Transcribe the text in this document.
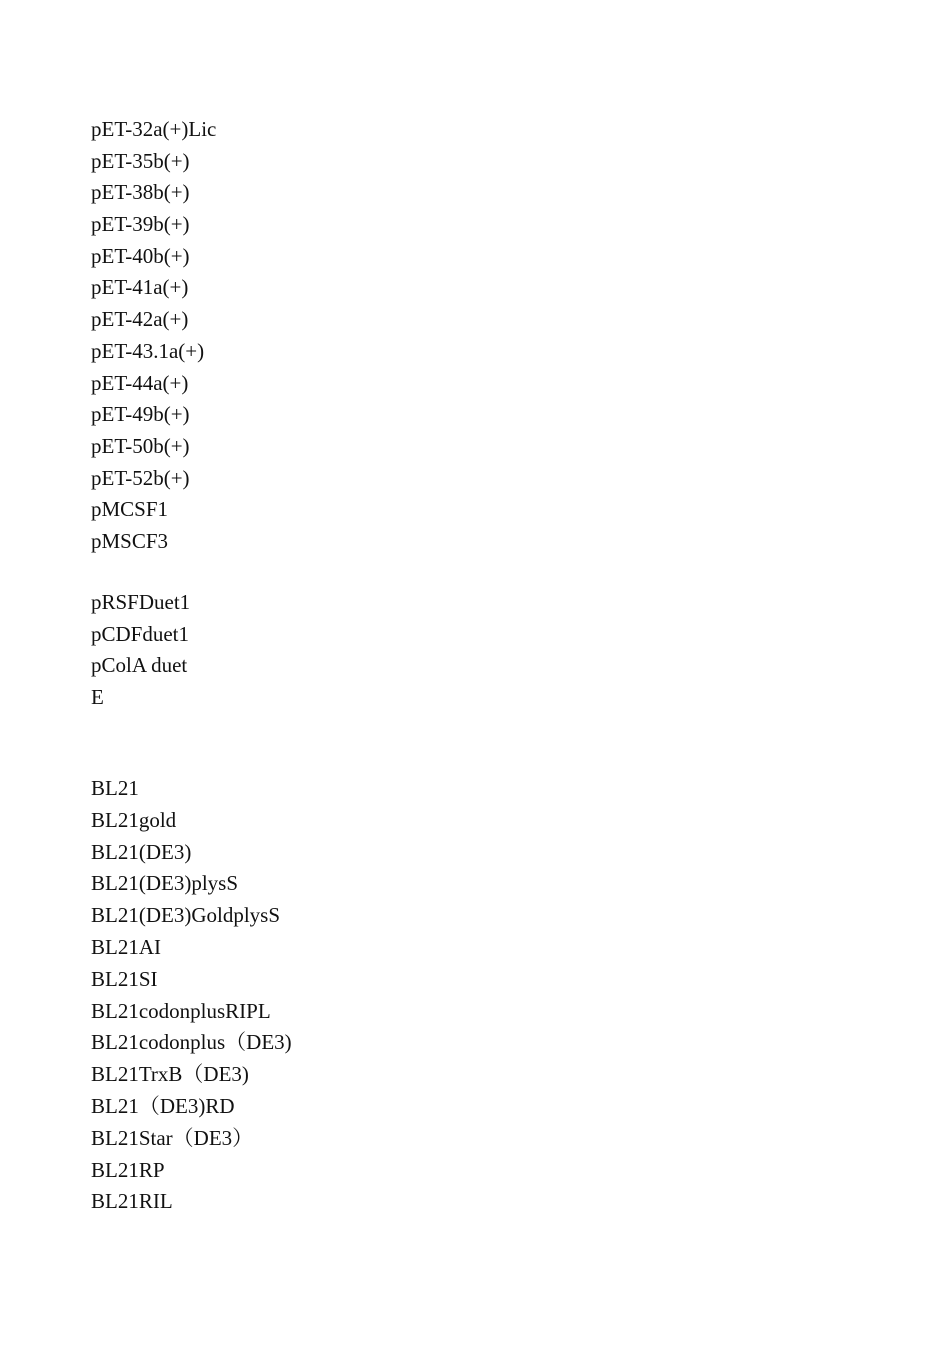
pET-32a(+)Lic
pET-35b(+)
pET-38b(+)
pET-39b(+)
pET-40b(+)
pET-41a(+)
pET-42a(+)
pET-43.1a(+)
pET-44a(+)
pET-49b(+)
pET-50b(+)
pET-52b(+)
pMCSF1
pMSCF3
pRSFDuet1
pCDFduet1
pColA duet
E
BL21
BL21gold
BL21(DE3)
BL21(DE3)plysS
BL21(DE3)GoldplysS
BL21AI
BL21SI
BL21codonplusRIPL
BL21codonplus（DE3)
BL21TrxB（DE3)
BL21（DE3)RD
BL21Star（DE3）
BL21RP
BL21RIL
